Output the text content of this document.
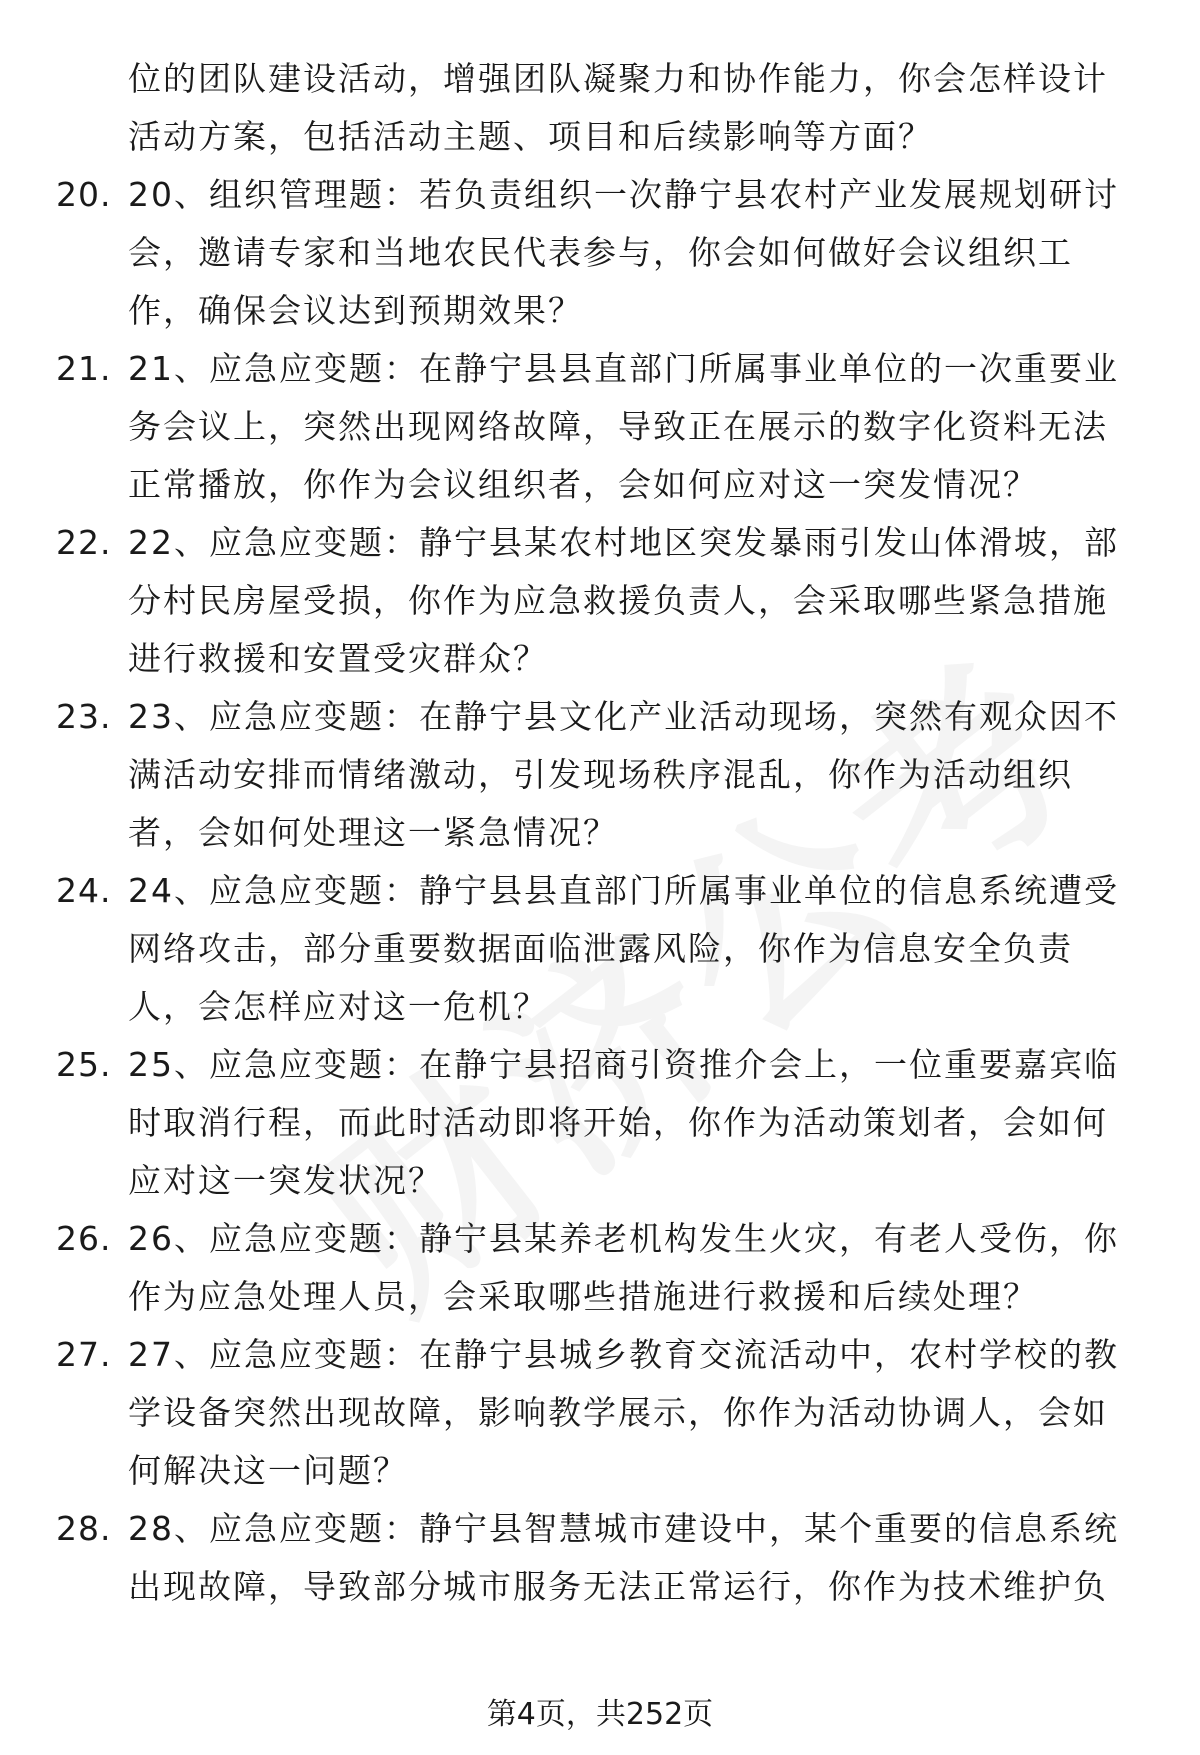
位的团队建设活动，增强团队凝聚力和协作能力，你会怎样设计
活动方案，包括活动主题、项目和后续影响等方面？
20. 20、组织管理题：若负责组织一次静宁县农村产业发展规划研讨
会，邀请专家和当地农民代表参与，你会如何做好会议组织工
作，确保会议达到预期效果？
21. 21、应急应变题：在静宁县县直部门所属事业单位的一次重要业
务会议上，突然出现网络故障，导致正在展示的数字化资料无法
正常播放，你作为会议组织者，会如何应对这一突发情况？
22. 22、应急应变题：静宁县某农村地区突发暴雨引发山体滑坡，部
分村民房屋受损，你作为应急救援负责人，会采取哪些紧急措施
进行救援和安置受灾群众？
23. 23、应急应变题：在静宁县文化产业活动现场，突然有观众因不
满活动安排而情绪激动，引发现场秩序混乱，你作为活动组织
者，会如何处理这一紧急情况？
24. 24、应急应变题：静宁县县直部门所属事业单位的信息系统遭受
网络攻击，部分重要数据面临泄露风险，你作为信息安全负责
人，会怎样应对这一危机？
25. 25、应急应变题：在静宁县招商引资推介会上，一位重要嘉宾临
时取消行程，而此时活动即将开始，你作为活动策划者，会如何
应对这一突发状况？
26. 26、应急应变题：静宁县某养老机构发生火灾，有老人受伤，你
作为应急处理人员，会采取哪些措施进行救援和后续处理？
27. 27、应急应变题：在静宁县城乡教育交流活动中，农村学校的教
学设备突然出现故障，影响教学展示，你作为活动协调人，会如
何解决这一问题？
28. 28、应急应变题：静宁县智慧城市建设中，某个重要的信息系统
出现故障，导致部分城市服务无法正常运行，你作为技术维护负
第4页，共252页
